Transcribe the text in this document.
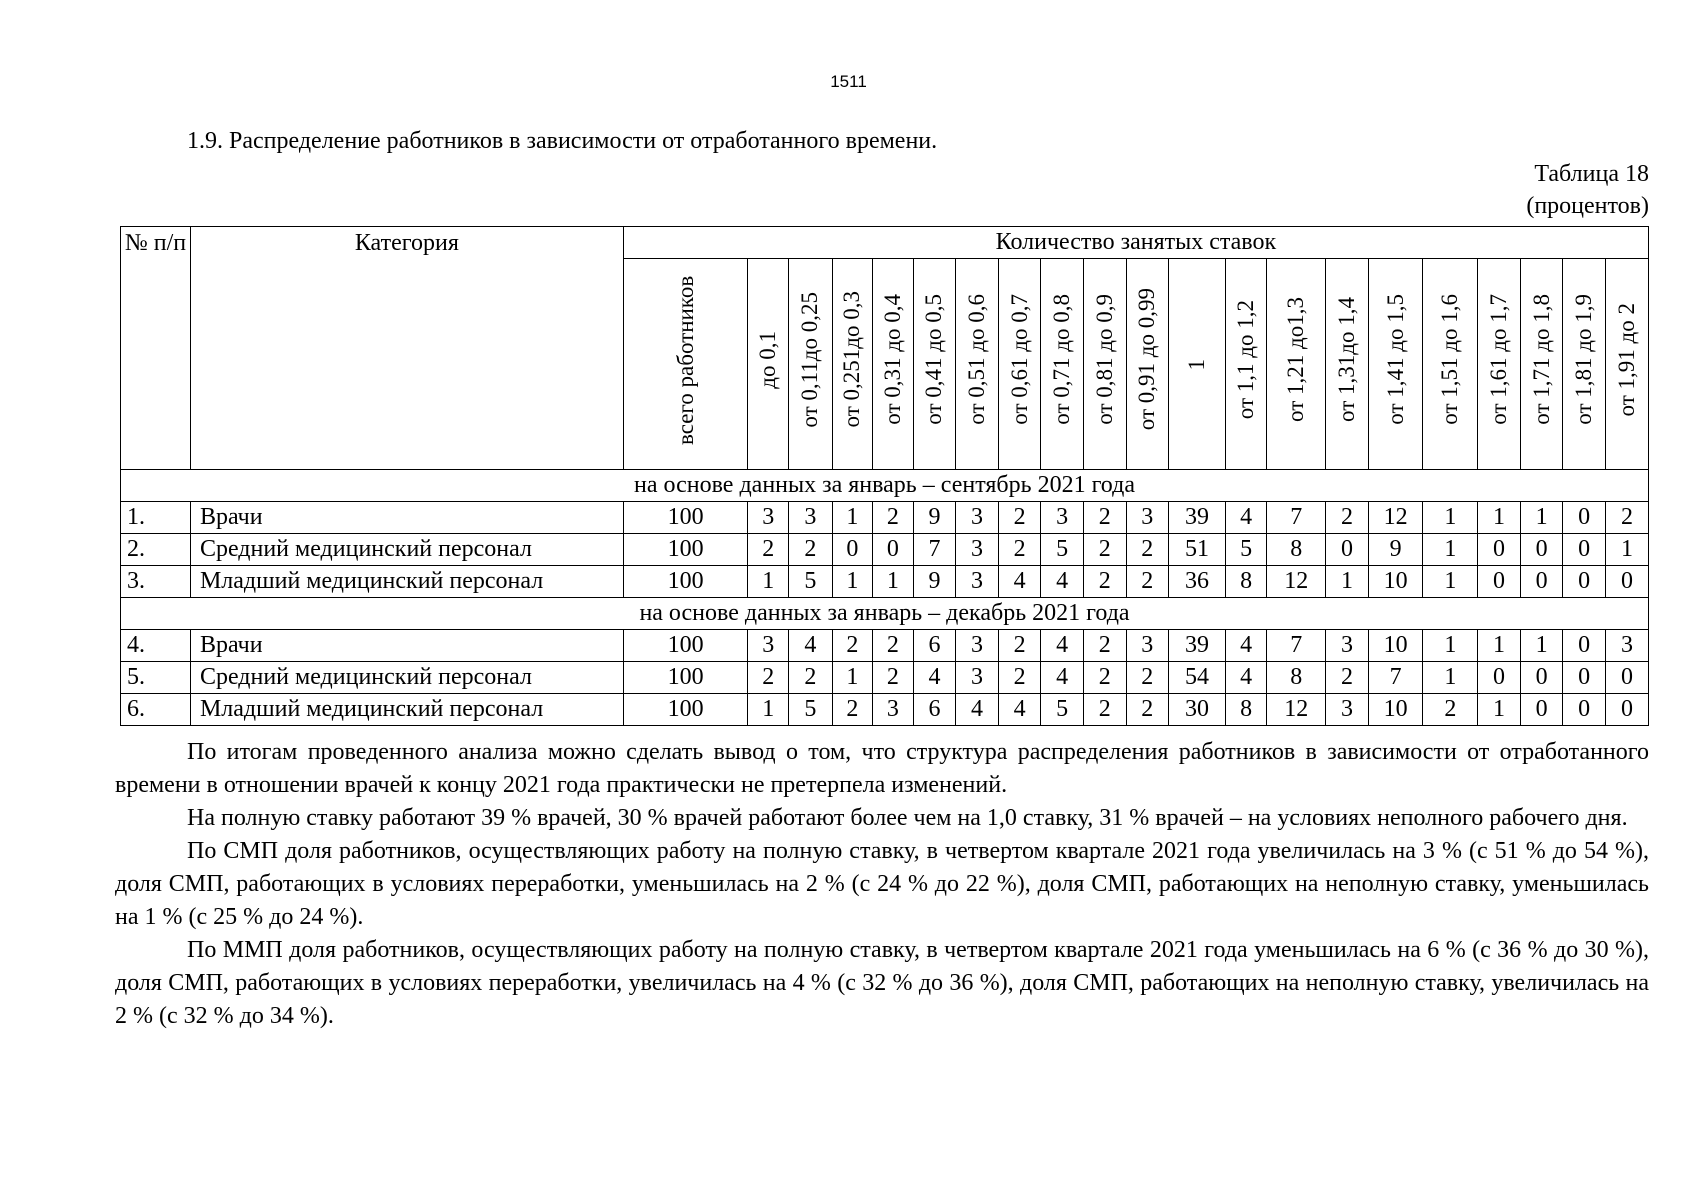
1511
1.9. Распределение работников в зависимости от отработанного времени.
Таблица 18
(процентов)
№ п/п	Категория	Количество занятых ставок																				
		всего работников	до 0,1	от 0,11до 0,25	от 0,251до 0,3	от 0,31 до 0,4	от 0,41 до 0,5	от 0,51 до 0,6	от 0,61 до 0,7	от 0,71 до 0,8	от 0,81 до 0,9	от 0,91 до 0,99	1	от 1,1 до 1,2	от 1,21 до1,3	от 1,31до 1,4	от 1,41 до 1,5	от 1,51 до 1,6	от 1,61 до 1,7	от 1,71 до 1,8	от 1,81 до 1,9	от 1,91 до 2
на основе данных за январь – сентябрь 2021 года																						
1.	Врачи	100	3	3	1	2	9	3	2	3	2	3	39	4	7	2	12	1	1	1	0	2
2.	Средний медицинский персонал	100	2	2	0	0	7	3	2	5	2	2	51	5	8	0	9	1	0	0	0	1
3.	Младший медицинский персонал	100	1	5	1	1	9	3	4	4	2	2	36	8	12	1	10	1	0	0	0	0
на основе данных за январь – декабрь 2021 года																						
4.	Врачи	100	3	4	2	2	6	3	2	4	2	3	39	4	7	3	10	1	1	1	0	3
5.	Средний медицинский персонал	100	2	2	1	2	4	3	2	4	2	2	54	4	8	2	7	1	0	0	0	0
6.	Младший медицинский персонал	100	1	5	2	3	6	4	4	5	2	2	30	8	12	3	10	2	1	0	0	0

По итогам проведенного анализа можно сделать вывод о том, что структура распределения работников в зависимости от отработанного времени в отношении врачей к концу 2021 года практически не претерпела изменений.

На полную ставку работают 39 % врачей, 30 % врачей работают более чем на 1,0 ставку, 31 % врачей – на условиях неполного рабочего дня.

По СМП доля работников, осуществляющих работу на полную ставку, в четвертом квартале 2021 года увеличилась на 3 % (с 51 % до 54 %), доля СМП, работающих в условиях переработки, уменьшилась на 2 % (с 24 % до 22 %), доля СМП, работающих на неполную ставку, уменьшилась на 1 % (с 25 % до 24 %).

По ММП доля работников, осуществляющих работу на полную ставку, в четвертом квартале 2021 года уменьшилась на 6 % (с 36 % до 30 %), доля СМП, работающих в условиях переработки, увеличилась на 4 % (с 32 % до 36 %), доля СМП, работающих на неполную ставку, увеличилась на 2 % (с 32 % до 34 %).
